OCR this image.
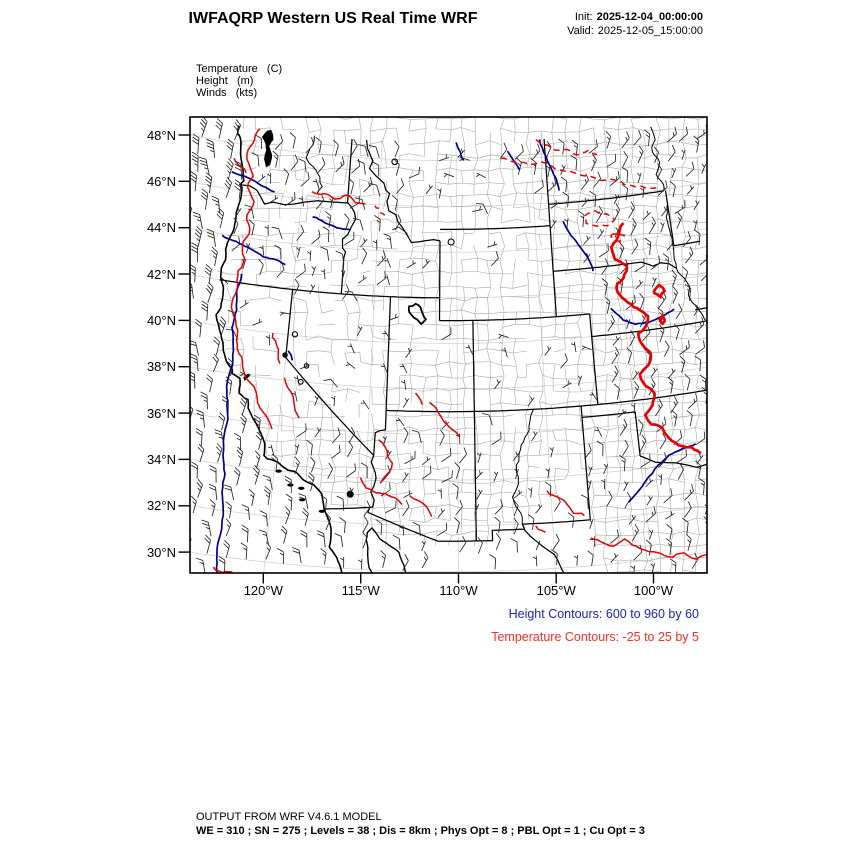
IWFAQRP Western US Real Time WRF	Init: 2025-12-04_00:00:00
Valid: 2025-12-05_15:00:00
Temperature   (C)
Height   (m)
Winds   (kts)
48°N
46°N
44°N
42°N
40°N
38°N
36°N
34°N
32°N
30°N
120°W	115°W	110°W	105°W	100°W
Height Contours: 600 to 960 by 60
Temperature Contours: -25 to 25 by 5
OUTPUT FROM WRF V4.6.1 MODEL
WE = 310 ; SN = 275 ; Levels = 38 ; Dis = 8km ; Phys Opt = 8 ; PBL Opt = 1 ; Cu Opt = 3
